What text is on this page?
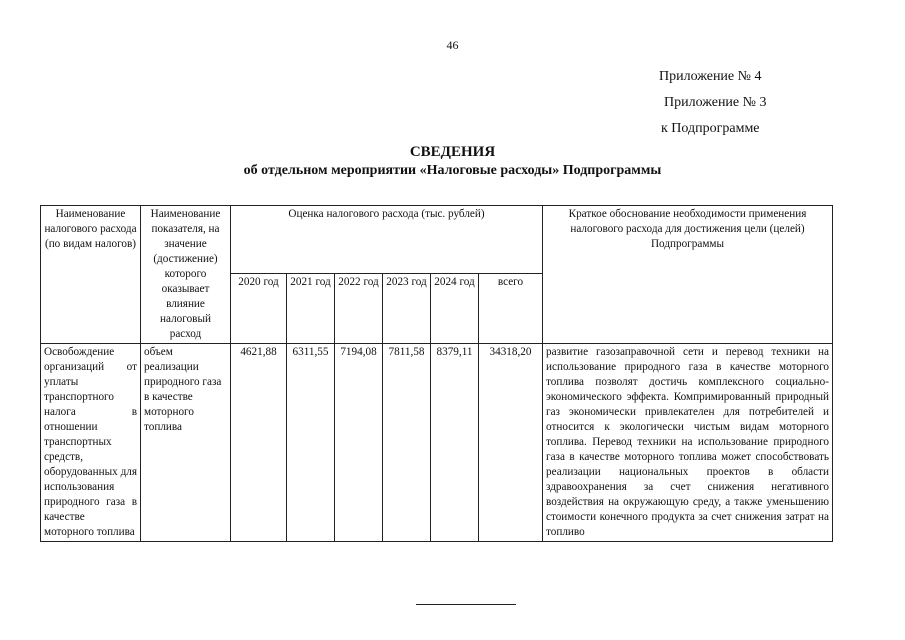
46
Приложение № 4
Приложение № 3
к Подпрограмме
СВЕДЕНИЯ
об отдельном мероприятии «Налоговые расходы» Подпрограммы
Наименование налогового расхода (по видам налогов)	Наименование показателя, на значение (достижение) которого оказывает влияние налоговый расход	Оценка налогового расхода (тыс. рублей)						Краткое обоснование необходимости применения налогового расхода для достижения цели (целей) Подпрограммы
		2020 год	2021 год	2022 год	2023 год	2024 год	всего	
Освобождение организаций от уплаты транспортного налога в отношении транспортных средств, оборудованных для использования природного газа в качестве моторного топлива	объем реализации природного газа в качестве моторного топлива	4621,88	6311,55	7194,08	7811,58	8379,11	34318,20	развитие газозаправочной сети и перевод техники на использование природного газа в качестве моторного топлива позволят достичь комплексного социально-экономического эффекта. Компримированный природный газ экономически привлекателен для потребителей и относится к экологически чистым видам моторного топлива. Перевод техники на использование природного газа в качестве моторного топлива может способствовать реализации национальных проектов в области здравоохранения за счет снижения негативного воздействия на окружающую среду, а также уменьшению стоимости конечного продукта за счет снижения затрат на топливо
